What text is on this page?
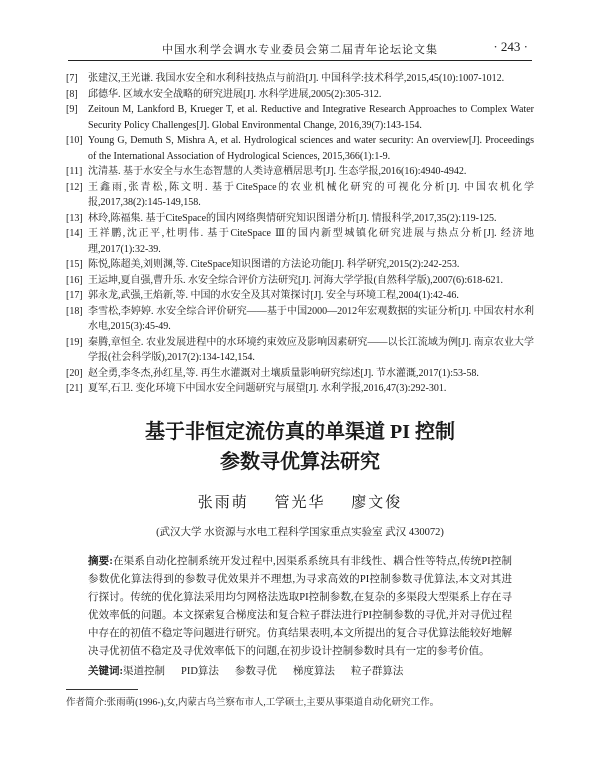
中国水利学会调水专业委员会第二届青年论坛论文集	· 243 ·
[7]	张建汉,王光谦. 我国水安全和水利科技热点与前沿[J]. 中国科学:技术科学,2015,45(10):1007-1012.
[8]	邱德华. 区域水安全战略的研究进展[J]. 水科学进展,2005(2):305-312.
[9]	Zeitoun M, Lankford B, Krueger T, et al. Reductive and Integrative Research Approaches to Complex Water Security Policy Challenges[J]. Global Environmental Change, 2016,39(7):143-154.
[10] Young G, Demuth S, Mishra A, et al. Hydrological sciences and water security: An overview[J]. Proceedings of the International Association of Hydrological Sciences, 2015,366(1):1-9.
[11] 沈清基. 基于水安全与水生态智慧的人类诗意栖居思考[J]. 生态学报,2016(16):4940-4942.
[12] 王鑫雨,张青松,陈文明. 基于CiteSpace的农业机械化研究的可视化分析[J]. 中国农机化学报,2017,38(2):145-149,158.
[13] 林玲,陈福集. 基于CiteSpace的国内网络舆情研究知识图谱分析[J]. 情报科学,2017,35(2):119-125.
[14] 王祥鹏,沈正平,杜明伟. 基于CiteSpace Ⅲ的国内新型城镇化研究进展与热点分析[J]. 经济地理,2017(1):32-39.
[15] 陈悦,陈超美,刘则渊,等. CiteSpace知识图谱的方法论功能[J]. 科学研究,2015(2):242-253.
[16] 王运坤,夏自强,曹升乐. 水安全综合评价方法研究[J]. 河海大学学报(自然科学版),2007(6):618-621.
[17] 郭永龙,武强,王焰新,等. 中国的水安全及其对策探讨[J]. 安全与环境工程,2004(1):42-46.
[18] 李雪松,李婷婷. 水安全综合评价研究——基于中国2000—2012年宏观数据的实证分析[J]. 中国农村水利水电,2015(3):45-49.
[19] 秦腾,章恒全. 农业发展进程中的水环境约束效应及影响因素研究——以长江流域为例[J]. 南京农业大学学报(社会科学版),2017(2):134-142,154.
[20] 赵全勇,李冬杰,孙红星,等. 再生水灌溉对土壤质量影响研究综述[J]. 节水灌溉,2017(1):53-58.
[21] 夏军,石卫. 变化环境下中国水安全问题研究与展望[J]. 水利学报,2016,47(3):292-301.
基于非恒定流仿真的单渠道 PI 控制
参数寻优算法研究
张雨萌 管光华 廖文俊
(武汉大学 水资源与水电工程科学国家重点实验室 武汉 430072)
摘要:在渠系自动化控制系统开发过程中,因渠系系统具有非线性、耦合性等特点,传统PI控制参数优化算法得到的参数寻优效果并不理想,为寻求高效的PI控制参数寻优算法,本文对其进行探讨。传统的优化算法采用均匀网格法选取PI控制参数,在复杂的多渠段大型渠系上存在寻优效率低的问题。本文探索复合梯度法和复合粒子群法进行PI控制参数的寻优,并对寻优过程中存在的初值不稳定等问题进行研究。仿真结果表明,本文所提出的复合寻优算法能较好地解决寻优初值不稳定及寻优效率低下的问题,在初步设计控制参数时具有一定的参考价值。
关键词:渠道控制 PID算法 参数寻优 梯度算法 粒子群算法
作者简介:张雨萌(1996-),女,内蒙古乌兰察布市人,工学硕士,主要从事渠道自动化研究工作。
